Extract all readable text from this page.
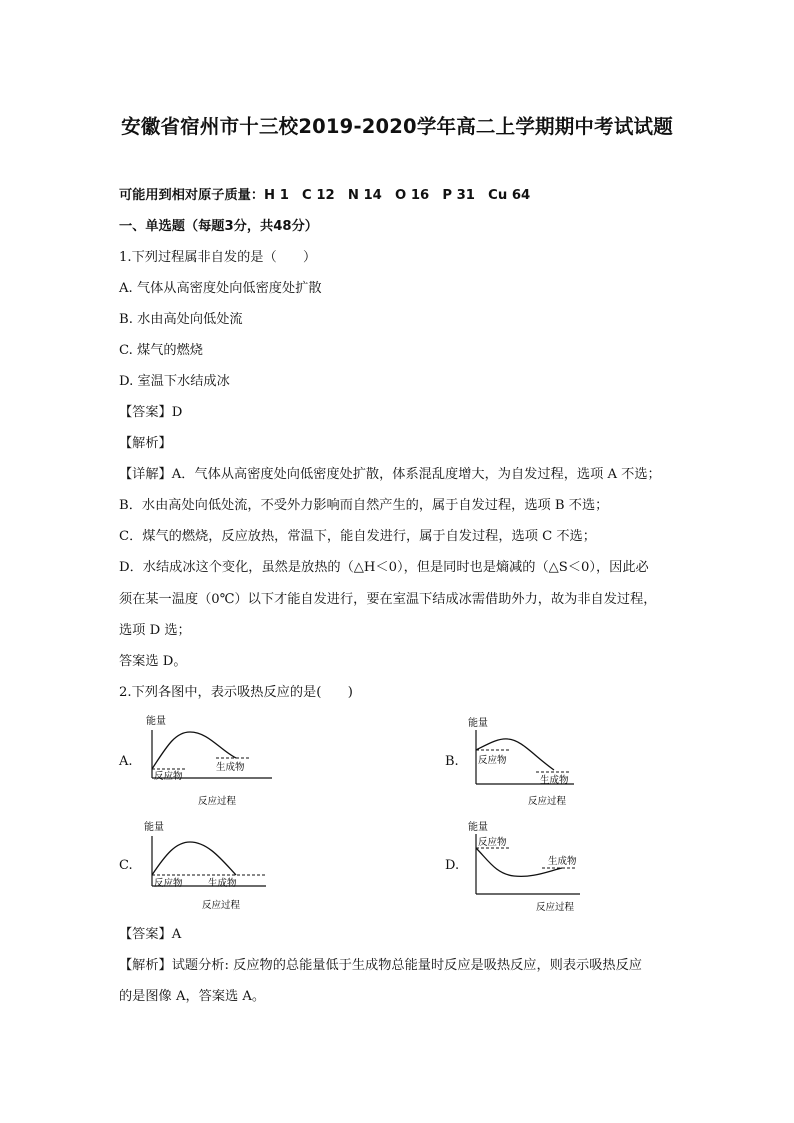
安徽省宿州市十三校2019-2020学年高二上学期期中考试试题
可能用到相对原子质量：H 1　C 12　N 14　O 16　P 31　Cu 64
一、单选题（每题3分，共48分）
1.下列过程属非自发的是（　　）
A. 气体从高密度处向低密度处扩散
B. 水由高处向低处流
C. 煤气的燃烧
D. 室温下水结成冰
【答案】D
【解析】
【详解】A．气体从高密度处向低密度处扩散，体系混乱度增大，为自发过程，选项 A 不选；
B．水由高处向低处流，不受外力影响而自然产生的，属于自发过程，选项 B 不选；
C．煤气的燃烧，反应放热，常温下，能自发进行，属于自发过程，选项 C 不选；
D．水结成冰这个变化，虽然是放热的（△H＜0），但是同时也是熵减的（△S＜0），因此必
须在某一温度（0℃）以下才能自发进行，要在室温下结成冰需借助外力，故为非自发过程，
选项 D 选；
答案选 D。
2.下列各图中，表示吸热反应的是(　　)
A.	B.
C.	D.
能量
反应物
生成物
反应过程
能量
反应物
生成物
反应过程
能量
反应物	生成物
反应过程
能量
反应物
生成物
反应过程
【答案】A
【解析】试题分析: 反应物的总能量低于生成物总能量时反应是吸热反应，则表示吸热反应
的是图像 A，答案选 A。
